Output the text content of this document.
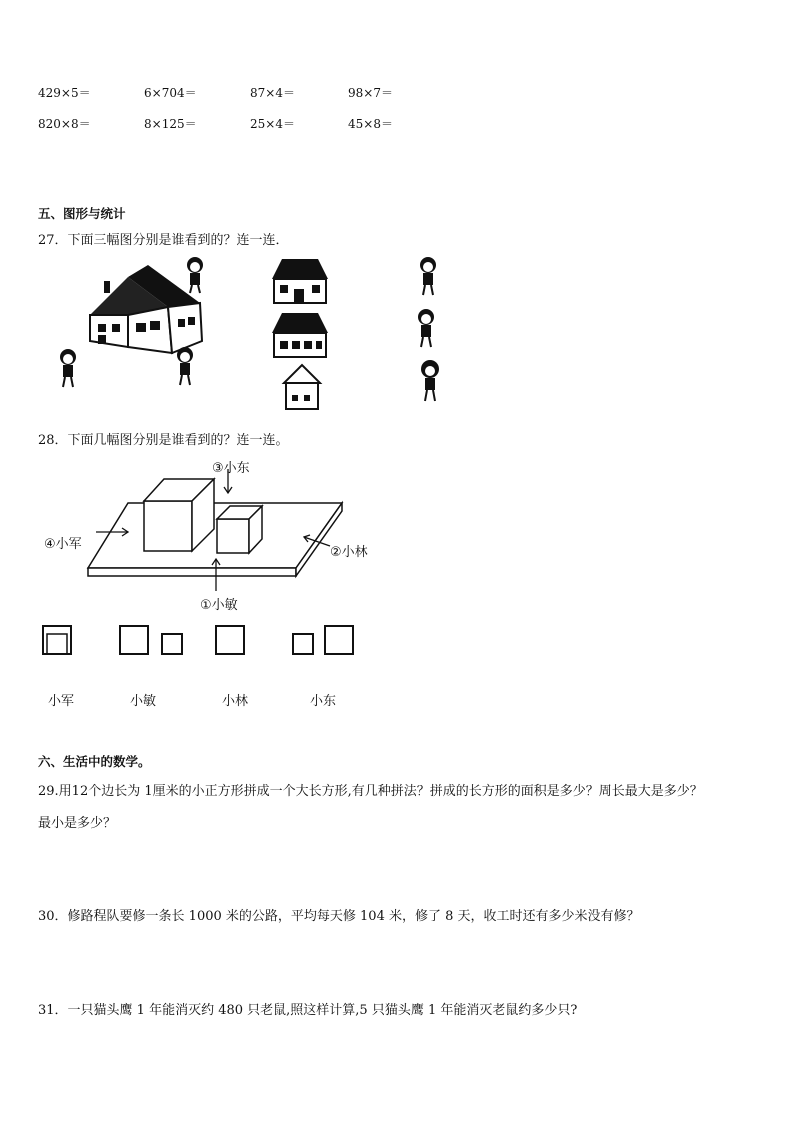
429×5＝	6×704＝	87×4＝	98×7＝
820×8＝	8×125＝	25×4＝	45×8＝
五、图形与统计
27．下面三幅图分别是谁看到的？连一连．
28．下面几幅图分别是谁看到的？连一连。
③小东
④小军
②小林
①小敏
小军	小敏	小林	小东
六、生活中的数学。
29.用12个边长为 1厘米的小正方形拼成一个大长方形,有几种拼法？拼成的长方形的面积是多少？周长最大是多少？
最小是多少？
30．修路程队要修一条长 1000 米的公路，平均每天修 104 米，修了 8 天，收工时还有多少米没有修？
31．一只猫头鹰 1 年能消灭约 480 只老鼠,照这样计算,5 只猫头鹰 1 年能消灭老鼠约多少只?
